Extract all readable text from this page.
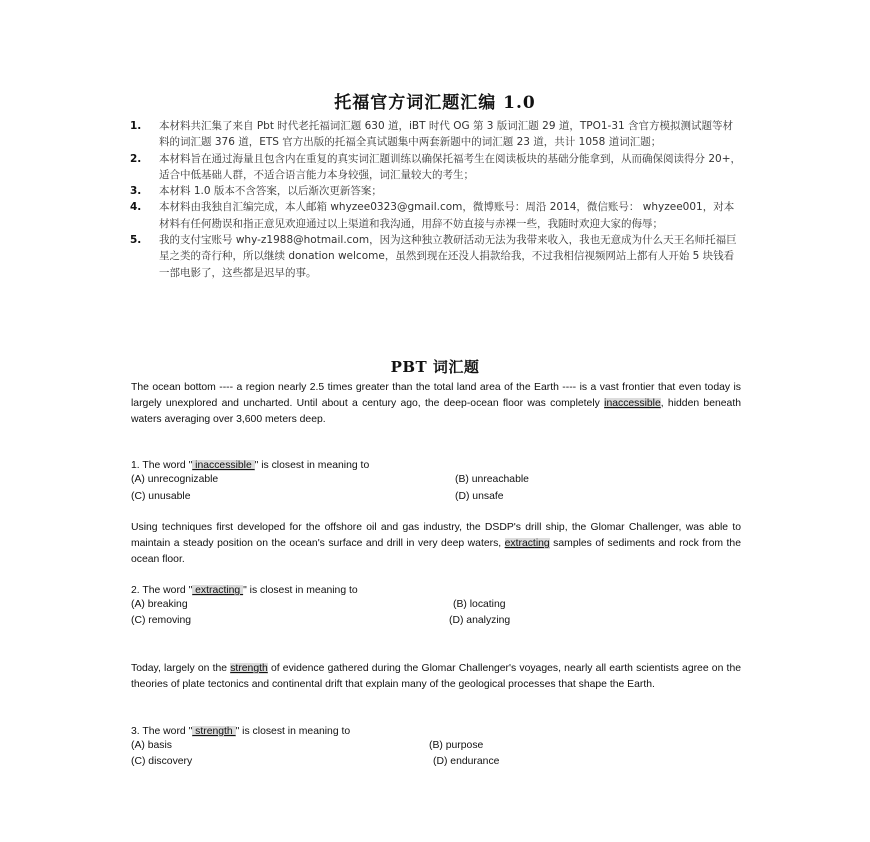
托福官方词汇题汇编 1.0
1. 本材料共汇集了来自 Pbt 时代老托福词汇题 630 道，iBT 时代 OG 第 3 版词汇题 29 道，TPO1-31 含官方模拟测试题等材料的词汇题 376 道，ETS 官方出版的托福全真试题集中两套新题中的词汇题 23 道，共计 1058 道词汇题；
2. 本材料旨在通过海量且包含内在重复的真实词汇题训练以确保托福考生在阅读板块的基础分能拿到，从而确保阅读得分 20+，适合中低基础人群，不适合语言能力本身较强，词汇量较大的考生；
3. 本材料 1.0 版本不含答案，以后渐次更新答案；
4. 本材料由我独自汇编完成，本人邮箱 whyzee0323@gmail.com，微博账号：周沿 2014，微信账号： whyzee001，对本材料有任何勘误和指正意见欢迎通过以上渠道和我沟通，用辞不妨直接与赤裸一些，我随时欢迎大家的侮辱；
5. 我的支付宝账号 why-z1988@hotmail.com，因为这种独立教研活动无法为我带来收入，我也无意成为什么天王名师托福巨星之类的奇行种，所以继续 donation welcome，虽然到现在还没人捐款给我，不过我相信视频网站上都有人开始 5 块钱看一部电影了，这些都是迟早的事。
PBT 词汇题
The ocean bottom ---- a region nearly 2.5 times greater than the total land area of the Earth ---- is a vast frontier that even today is largely unexplored and uncharted. Until about a century ago, the deep-ocean floor was completely inaccessible, hidden beneath waters averaging over 3,600 meters deep.
1. The word " inaccessible " is closest in meaning to
(A) unrecognizable	(B) unreachable
(C) unusable	(D) unsafe
Using techniques first developed for the offshore oil and gas industry, the DSDP's drill ship, the Glomar Challenger, was able to maintain a steady position on the ocean's surface and drill in very deep waters, extracting samples of sediments and rock from the ocean floor.
2. The word " extracting " is closest in meaning to
(A) breaking	(B) locating
(C) removing	(D) analyzing
Today, largely on the strength of evidence gathered during the Glomar Challenger's voyages, nearly all earth scientists agree on the theories of plate tectonics and continental drift that explain many of the geological processes that shape the Earth.
3. The word " strength " is closest in meaning to
(A) basis	(B) purpose
(C) discovery	(D) endurance
